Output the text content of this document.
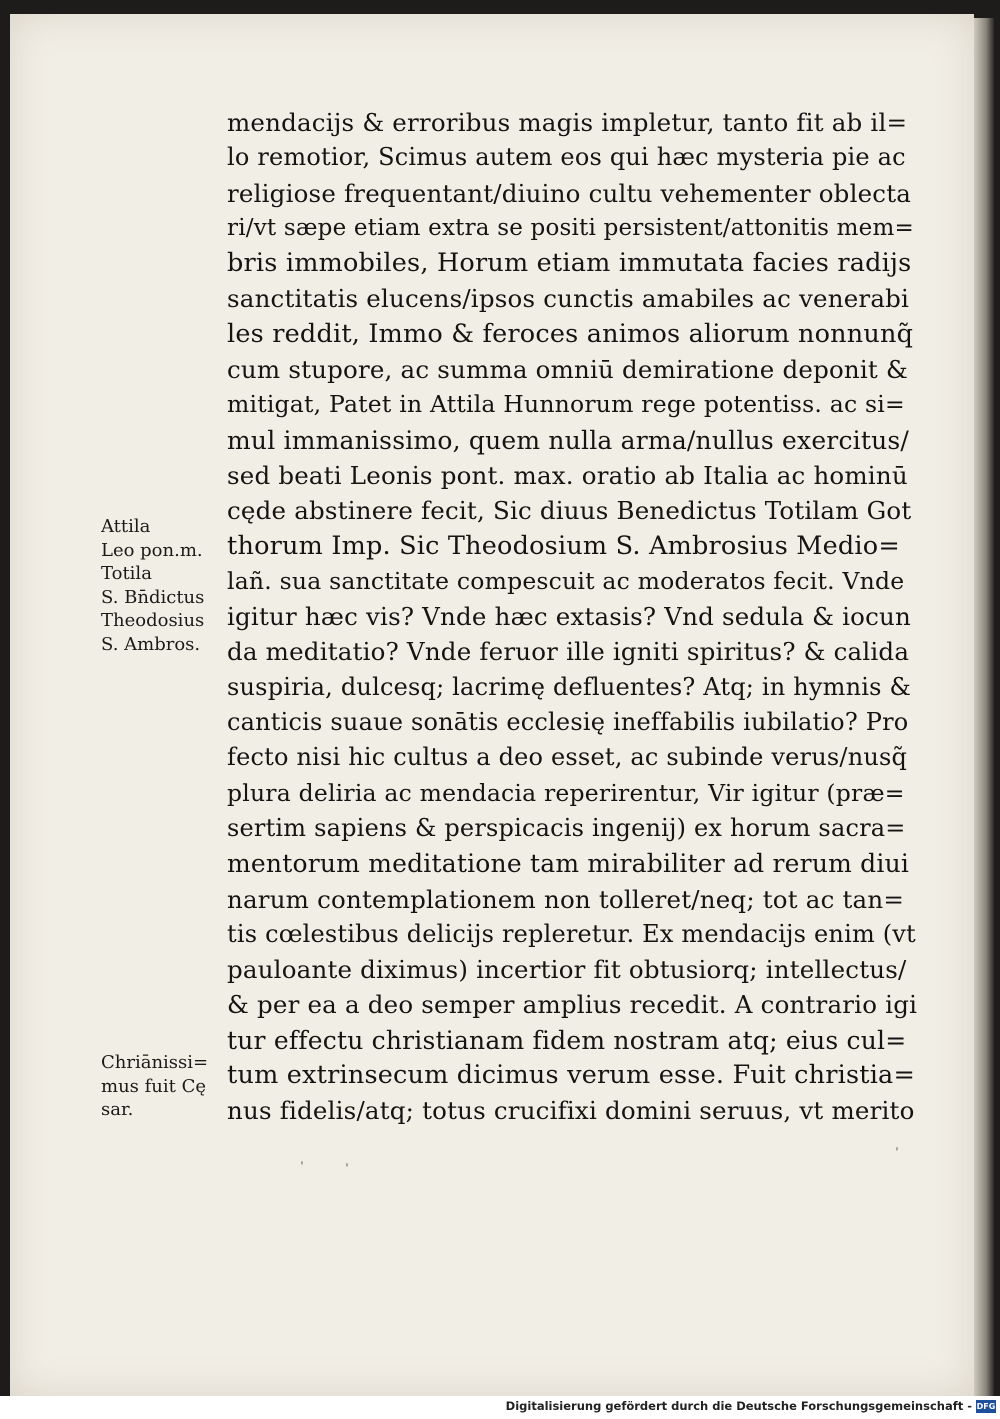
mendacijs & erroribus magis impletur, tanto fit ab il=
lo remotior, Scimus autem eos qui hæc mysteria pie ac
religiose frequentant/diuino cultu vehementer oblecta
ri/vt sæpe etiam extra se positi persistent/attonitis mem=
bris immobiles, Horum etiam immutata facies radijs
sanctitatis elucens/ipsos cunctis amabiles ac venerabi
les reddit, Immo & feroces animos aliorum nonnunq̃
cum stupore, ac summa omniū demiratione deponit &
mitigat, Patet in Attila Hunnorum rege potentiss. ac si=
mul immanissimo, quem nulla arma/nullus exercitus/
sed beati Leonis pont. max. oratio ab Italia ac hominū
cęde abstinere fecit, Sic diuus Benedictus Totilam Got
thorum Imp. Sic Theodosium S. Ambrosius Medio=
lañ. sua sanctitate compescuit ac moderatos fecit. Vnde
igitur hæc vis? Vnde hæc extasis? Vnd sedula & iocun
da meditatio? Vnde feruor ille igniti spiritus? & calida
suspiria, dulcesq; lacrimę defluentes? Atq; in hymnis &
canticis suaue sonātis ecclesię ineffabilis iubilatio? Pro
fecto nisi hic cultus a deo esset, ac subinde verus/nusq̃
plura deliria ac mendacia reperirentur, Vir igitur (præ=
sertim sapiens & perspicacis ingenij) ex horum sacra=
mentorum meditatione tam mirabiliter ad rerum diui
narum contemplationem non tolleret/neq; tot ac tan=
tis cœlestibus delicijs repleretur. Ex mendacijs enim (vt
pauloante diximus) incertior fit obtusiorq; intellectus/
& per ea a deo semper amplius recedit. A contrario igi
tur effectu christianam fidem nostram atq; eius cul=
tum extrinsecum dicimus verum esse. Fuit christia=
nus fidelis/atq; totus crucifixi domini seruus, vt merito
Attila
Leo pon.m.
Totila
S. Bn̄dictus
Theodosius
S. Ambros.
Chriānissi=
mus fuit Cę
sar.
ˈ	ˈ
ˈ
Digitalisierung gefördert durch die Deutsche Forschungsgemeinschaft - DFG
